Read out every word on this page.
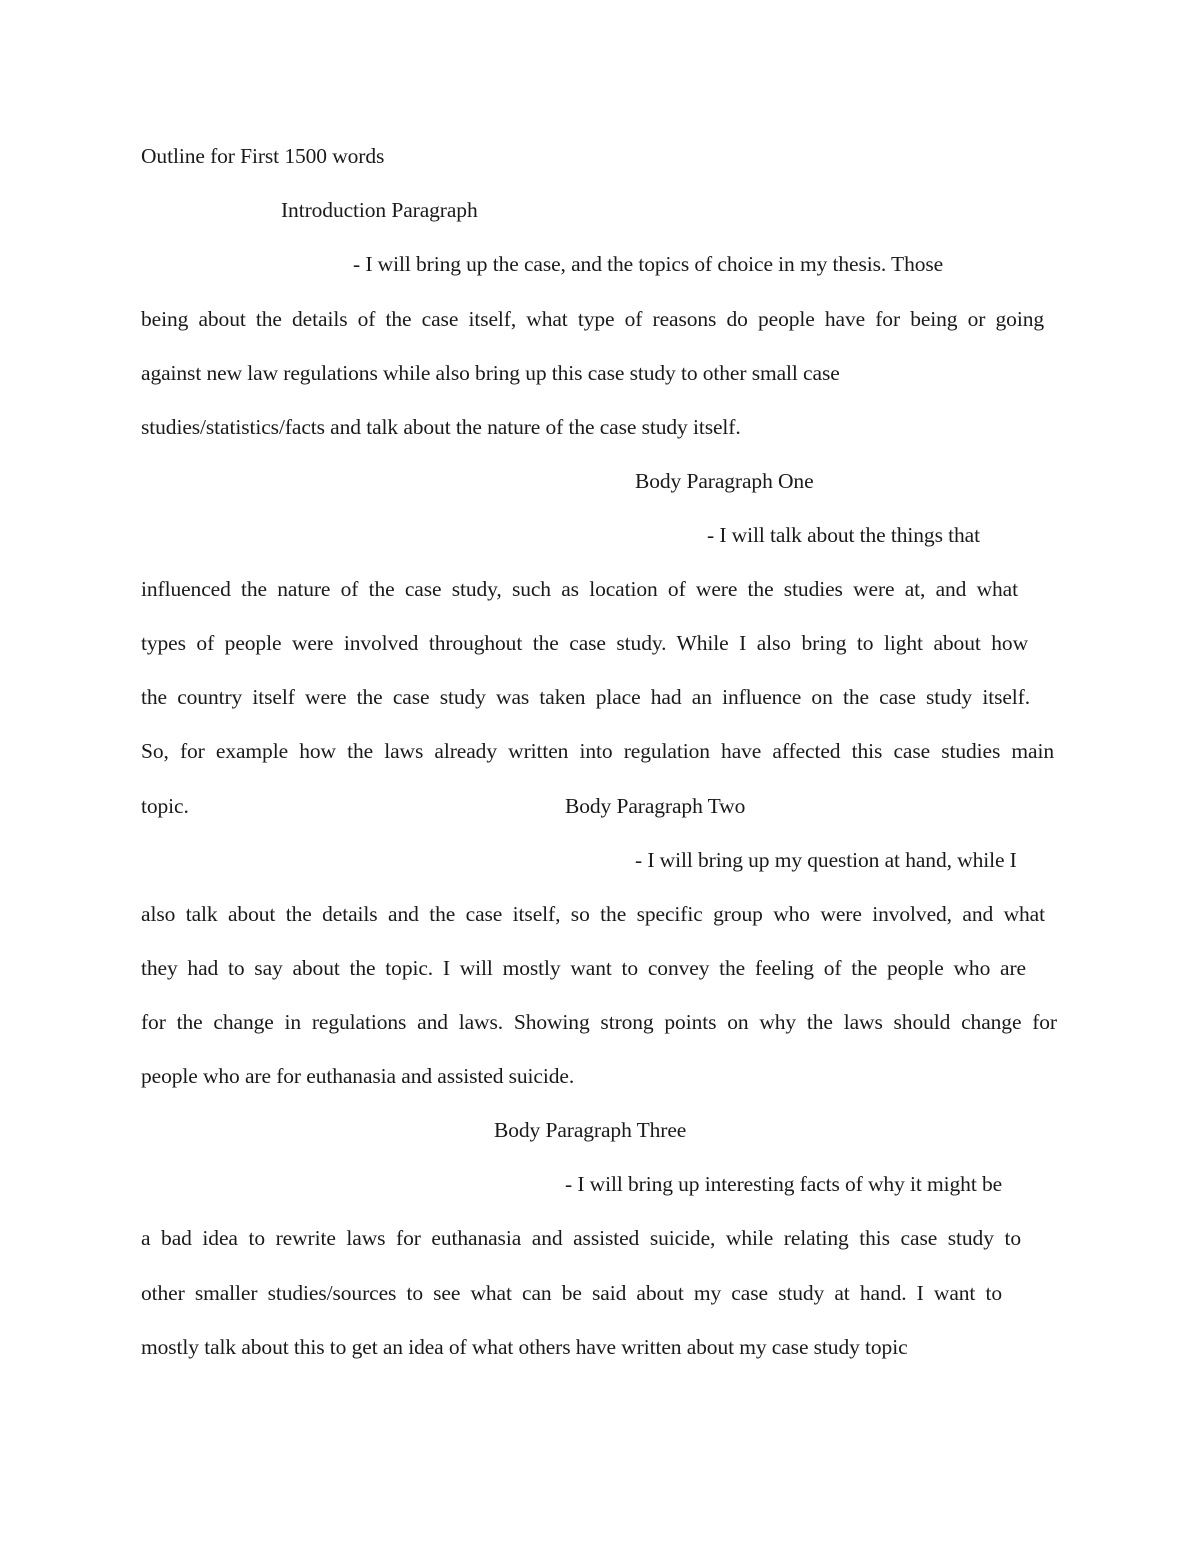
Outline for First 1500 words
Introduction Paragraph
- I will bring up the case, and the topics of choice in my thesis. Those
being about the details of the case itself, what type of reasons do people have for being or going
against new law regulations while also bring up this case study to other small case
studies/statistics/facts and talk about the nature of the case study itself.
Body Paragraph One
- I will talk about the things that
influenced the nature of the case study, such as location of were the studies were at, and what
types of people were involved throughout the case study. While I also bring to light about how
the country itself were the case study was taken place had an influence on the case study itself.
So, for example how the laws already written into regulation have affected this case studies main
topic.	Body Paragraph Two
- I will bring up my question at hand, while I
also talk about the details and the case itself, so the specific group who were involved, and what
they had to say about the topic. I will mostly want to convey the feeling of the people who are
for the change in regulations and laws. Showing strong points on why the laws should change for
people who are for euthanasia and assisted suicide.
Body Paragraph Three
- I will bring up interesting facts of why it might be
a bad idea to rewrite laws for euthanasia and assisted suicide, while relating this case study to
other smaller studies/sources to see what can be said about my case study at hand. I want to
mostly talk about this to get an idea of what others have written about my case study topic
